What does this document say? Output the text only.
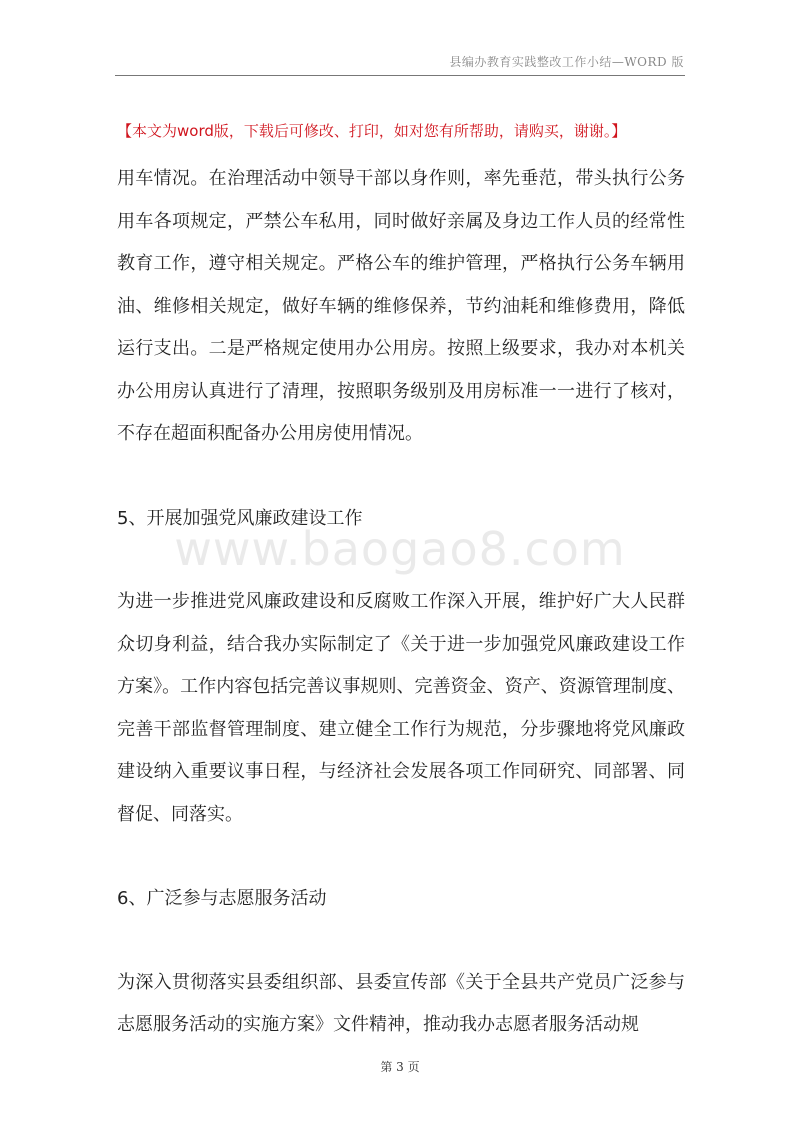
县编办教育实践整改工作小结—WORD 版
【本文为word版，下载后可修改、打印，如对您有所帮助，请购买，谢谢。】
www.baogao8.com

用车情况。在治理活动中领导干部以身作则，率先垂范，带头执行公务用车各项规定，严禁公车私用，同时做好亲属及身边工作人员的经常性教育工作，遵守相关规定。严格公车的维护管理，严格执行公务车辆用油、维修相关规定，做好车辆的维修保养，节约油耗和维修费用，降低运行支出。二是严格规定使用办公用房。按照上级要求，我办对本机关办公用房认真进行了清理，按照职务级别及用房标准一一进行了核对，不存在超面积配备办公用房使用情况。

5、开展加强党风廉政建设工作

为进一步推进党风廉政建设和反腐败工作深入开展，维护好广大人民群众切身利益，结合我办实际制定了《关于进一步加强党风廉政建设工作方案》。工作内容包括完善议事规则、完善资金、资产、资源管理制度、完善干部监督管理制度、建立健全工作行为规范，分步骤地将党风廉政建设纳入重要议事日程，与经济社会发展各项工作同研究、同部署、同督促、同落实。

6、广泛参与志愿服务活动

为深入贯彻落实县委组织部、县委宣传部《关于全县共产党员广泛参与志愿服务活动的实施方案》文件精神，推动我办志愿者服务活动规

第 3 页
